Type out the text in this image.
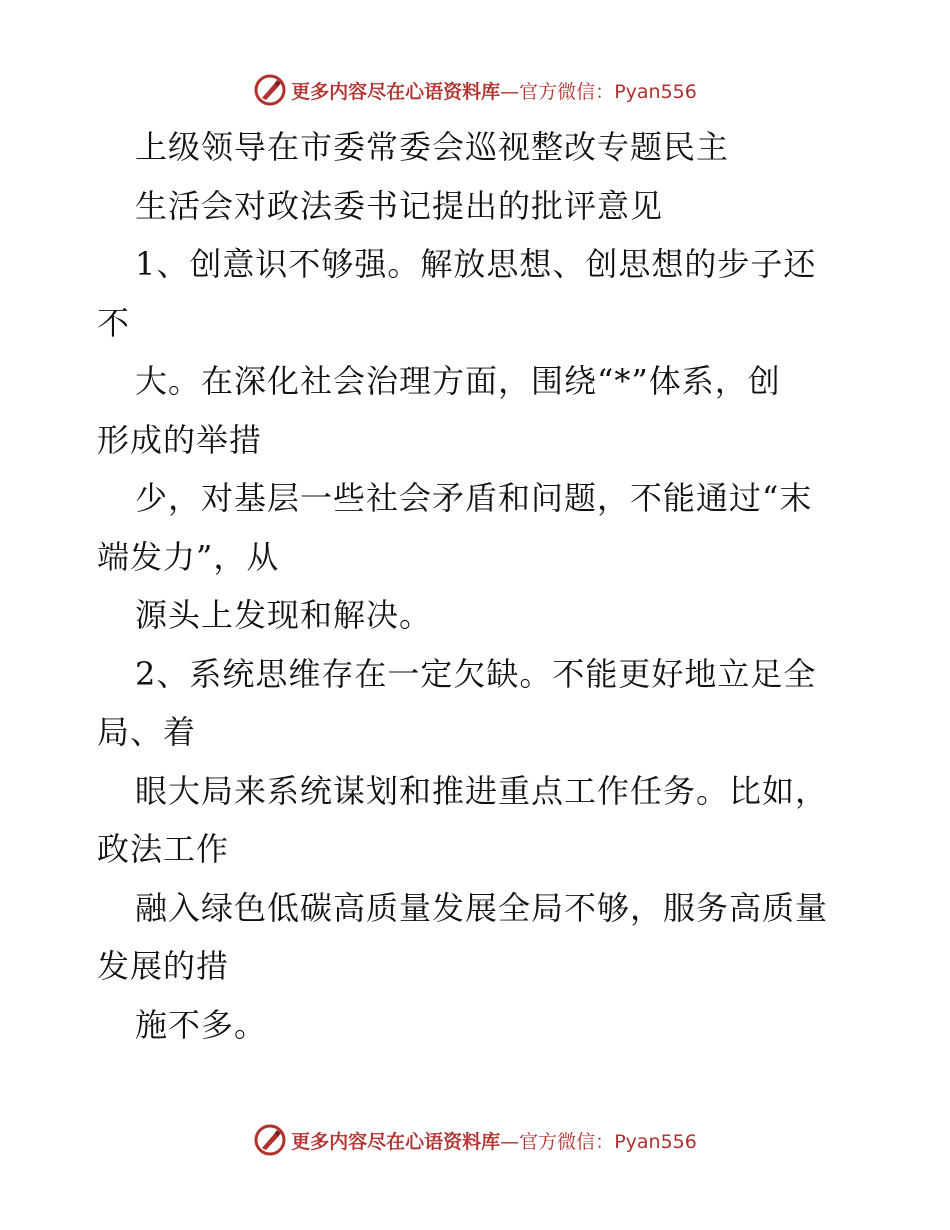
更多内容尽在心语资料库—官方微信：Pyan556
上级领导在市委常委会巡视整改专题民主
生活会对政法委书记提出的批评意见
1、创意识不够强。解放思想、创思想的步子还
不
大。在深化社会治理方面，围绕“*”体系，创
形成的举措
少，对基层一些社会矛盾和问题，不能通过“末
端发力”，从
源头上发现和解决。
2、系统思维存在一定欠缺。不能更好地立足全
局、着
眼大局来系统谋划和推进重点工作任务。比如，
政法工作
融入绿色低碳高质量发展全局不够，服务高质量
发展的措
施不多。
更多内容尽在心语资料库—官方微信：Pyan556
